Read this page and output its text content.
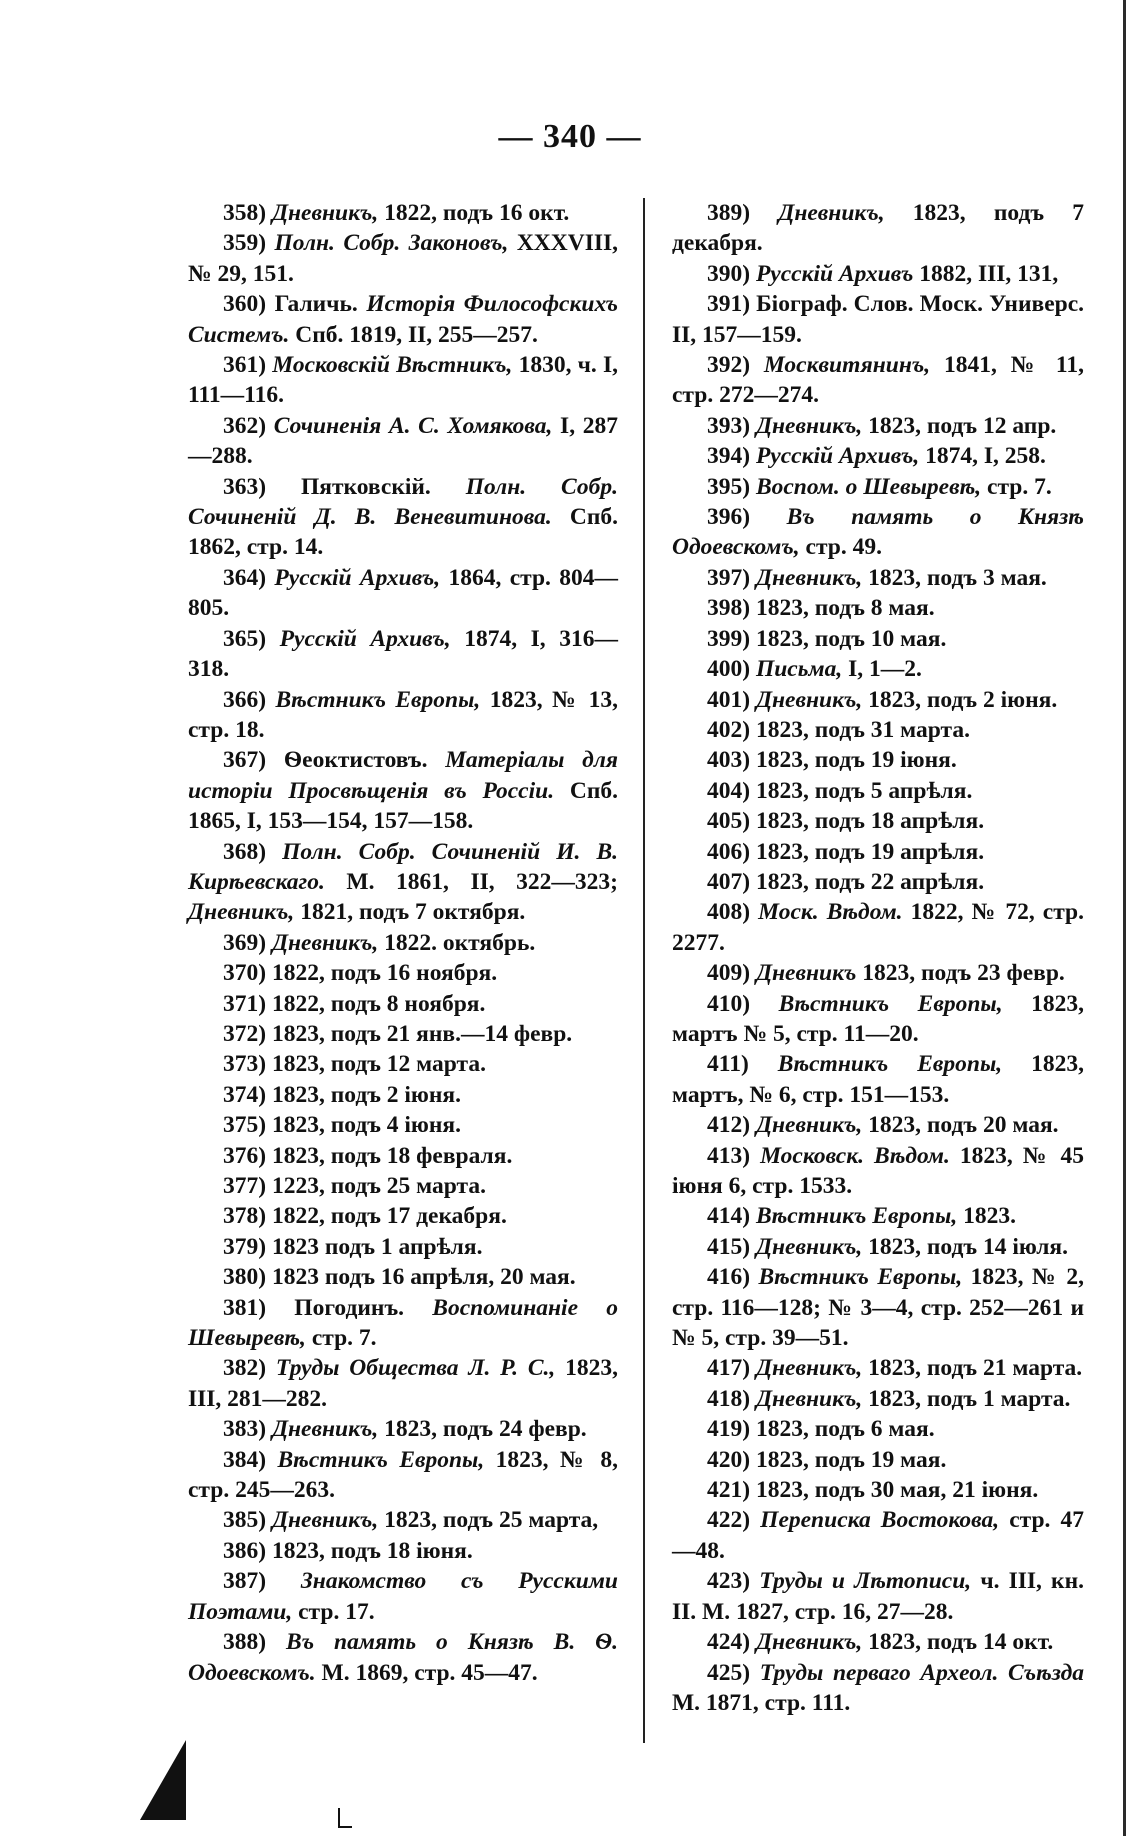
— 340 —

358) Дневникъ, 1822, подъ 16 окт.

359) Полн. Собр. Законовъ, XXXVIII, № 29, 151.

360) Галичь. Исторія Философскихъ Системъ. Спб. 1819, II, 255—257.

361) Московскій Вѣстникъ, 1830, ч. I, 111—116.

362) Сочиненія А. С. Хомякова, I, 287—288.

363) Пятковскій. Полн. Собр. Сочиненій Д. В. Веневитинова. Спб. 1862, стр. 14.

364) Русскій Архивъ, 1864, стр. 804—805.

365) Русскій Архивъ, 1874, I, 316—318.

366) Вѣстникъ Европы, 1823, № 13, стр. 18.

367) Ѳеоктистовъ. Матеріалы для исторіи Просвѣщенія въ Россіи. Спб. 1865, I, 153—154, 157—158.

368) Полн. Собр. Сочиненій И. В. Кирѣевскаго. М. 1861, II, 322—323; Дневникъ, 1821, подъ 7 октября.

369) Дневникъ, 1822. октябрь.

370) 1822, подъ 16 ноября.

371) 1822, подъ 8 ноября.

372) 1823, подъ 21 янв.—14 февр.

373) 1823, подъ 12 марта.

374) 1823, подъ 2 іюня.

375) 1823, подъ 4 іюня.

376) 1823, подъ 18 февраля.

377) 1223, подъ 25 марта.

378) 1822, подъ 17 декабря.

379) 1823 подъ 1 апрѣля.

380) 1823 подъ 16 апрѣля, 20 мая.

381) Погодинъ. Воспоминаніе о Шевыревѣ, стр. 7.

382) Труды Общества Л. Р. С., 1823, III, 281—282.

383) Дневникъ, 1823, подъ 24 февр.

384) Вѣстникъ Европы, 1823, № 8, стр. 245—263.

385) Дневникъ, 1823, подъ 25 марта,

386) 1823, подъ 18 іюня.

387) Знакомство съ Русскими Поэтами, стр. 17.

388) Въ память о Князѣ В. Ѳ. Одоевскомъ. М. 1869, стр. 45—47.

389) Дневникъ, 1823, подъ 7 декабря.

390) Русскій Архивъ 1882, III, 131,

391) Біограф. Слов. Моск. Универс. II, 157—159.

392) Москвитянинъ, 1841, № 11, стр. 272—274.

393) Дневникъ, 1823, подъ 12 апр.

394) Русскій Архивъ, 1874, I, 258.

395) Воспом. о Шевыревѣ, стр. 7.

396) Въ память о Князѣ Одоевскомъ, стр. 49.

397) Дневникъ, 1823, подъ 3 мая.

398) 1823, подъ 8 мая.

399) 1823, подъ 10 мая.

400) Письма, I, 1—2.

401) Дневникъ, 1823, подъ 2 іюня.

402) 1823, подъ 31 марта.

403) 1823, подъ 19 іюня.

404) 1823, подъ 5 апрѣля.

405) 1823, подъ 18 апрѣля.

406) 1823, подъ 19 апрѣля.

407) 1823, подъ 22 апрѣля.

408) Моск. Вѣдом. 1822, № 72, стр. 2277.

409) Дневникъ 1823, подъ 23 февр.

410) Вѣстникъ Европы, 1823, мартъ № 5, стр. 11—20.

411) Вѣстникъ Европы, 1823, мартъ, № 6, стр. 151—153.

412) Дневникъ, 1823, подъ 20 мая.

413) Московск. Вѣдом. 1823, № 45 іюня 6, стр. 1533.

414) Вѣстникъ Европы, 1823.

415) Дневникъ, 1823, подъ 14 іюля.

416) Вѣстникъ Европы, 1823, № 2, стр. 116—128; № 3—4, стр. 252—261 и № 5, стр. 39—51.

417) Дневникъ, 1823, подъ 21 марта.

418) Дневникъ, 1823, подъ 1 марта.

419) 1823, подъ 6 мая.

420) 1823, подъ 19 мая.

421) 1823, подъ 30 мая, 21 іюня.

422) Переписка Востокова, стр. 47—48.

423) Труды и Лѣтописи, ч. III, кн. II. М. 1827, стр. 16, 27—28.

424) Дневникъ, 1823, подъ 14 окт.

425) Труды перваго Археол. Съѣзда М. 1871, стр. 111.
